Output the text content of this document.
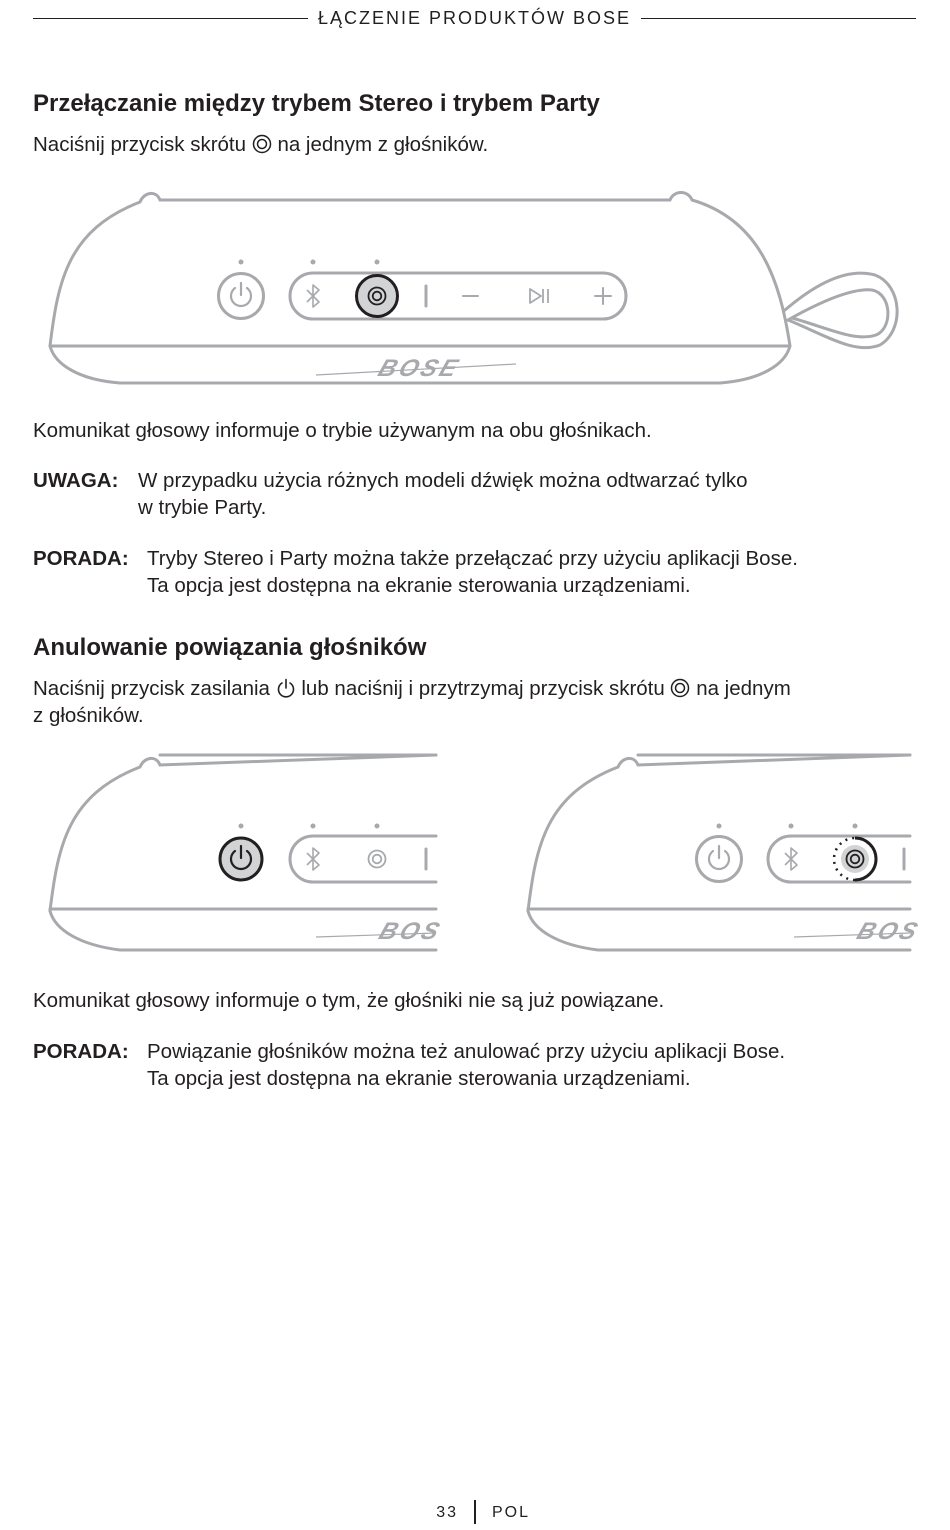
ŁĄCZENIE PRODUKTÓW BOSE
Przełączanie między trybem Stereo i trybem Party
Naciśnij przycisk skrótu na jednym z głośników.
BOSE
Komunikat głosowy informuje o trybie używanym na obu głośnikach.
UWAGA: W przypadku użycia różnych modeli dźwięk można odtwarzać tylko
w trybie Party.
PORADA: Tryby Stereo i Party można także przełączać przy użyciu aplikacji Bose.
Ta opcja jest dostępna na ekranie sterowania urządzeniami.
Anulowanie powiązania głośników
Naciśnij przycisk zasilania lub naciśnij i przytrzymaj przycisk skrótu na jednym
z głośników.
BOS	BOS
Komunikat głosowy informuje o tym, że głośniki nie są już powiązane.
PORADA: Powiązanie głośników można też anulować przy użyciu aplikacji Bose.
Ta opcja jest dostępna na ekranie sterowania urządzeniami.
33 POL
